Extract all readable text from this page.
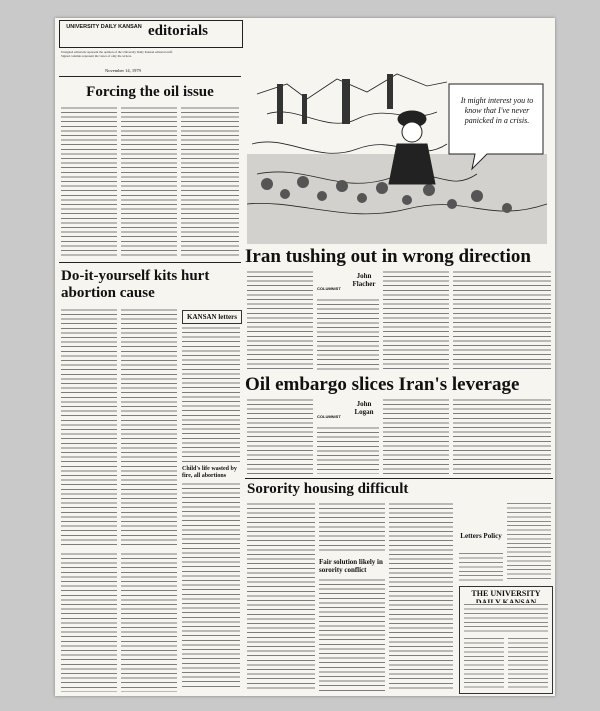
UNIVERSITY DAILY KANSAN editorials
Unsigned editorials represent the opinion of the University Daily Kansan editorial staff. Signed columns represent the views of only the writers.
November 14, 1979
Forcing the oil issue
Do-it-yourself kits hurt abortion cause
KANSAN letters
Child's life wasted by fire, all abortions
It might interest you to know that I've never panicked in a crisis.
Iran tushing out in wrong direction
COLUMNIST
John Flacher
Oil embargo slices Iran's leverage
COLUMNIST
John Logan
Sorority housing difficult
Fair solution likely in sorority conflict
Letters Policy
THE UNIVERSITY
